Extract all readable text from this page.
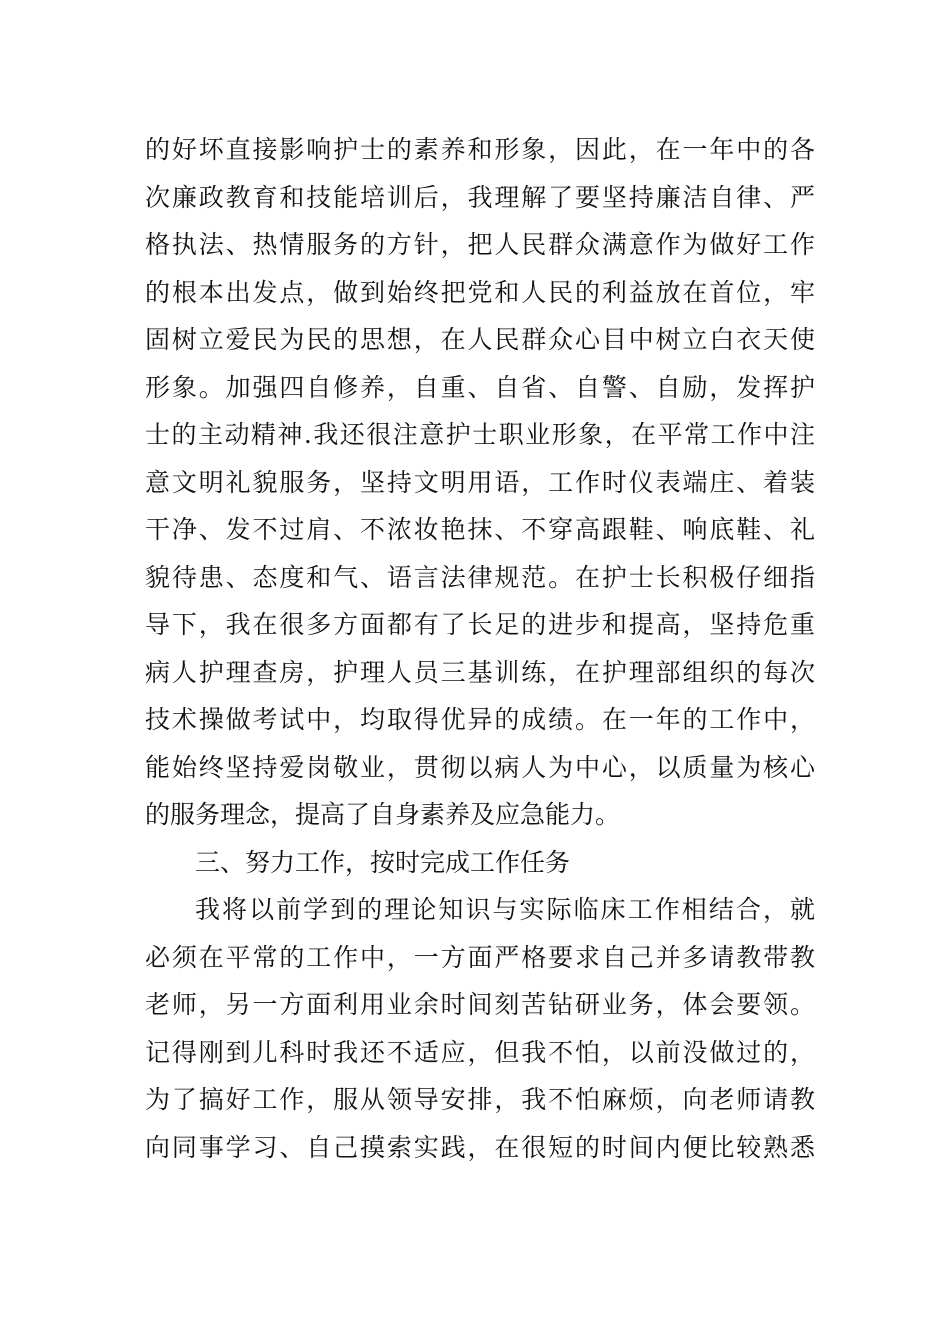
的好坏直接影响护士的素养和形象，因此，在一年中的各
次廉政教育和技能培训后，我理解了要坚持廉洁自律、严
格执法、热情服务的方针，把人民群众满意作为做好工作
的根本出发点，做到始终把党和人民的利益放在首位，牢
固树立爱民为民的思想，在人民群众心目中树立白衣天使
形象。加强四自修养，自重、自省、自警、自励，发挥护
士的主动精神.我还很注意护士职业形象，在平常工作中注
意文明礼貌服务，坚持文明用语，工作时仪表端庄、着装
干净、发不过肩、不浓妆艳抹、不穿高跟鞋、响底鞋、礼
貌待患、态度和气、语言法律规范。在护士长积极仔细指
导下，我在很多方面都有了长足的进步和提高，坚持危重
病人护理查房，护理人员三基训练，在护理部组织的每次
技术操做考试中，均取得优异的成绩。在一年的工作中，
能始终坚持爱岗敬业，贯彻以病人为中心，以质量为核心
的服务理念，提高了自身素养及应急能力。
三、努力工作，按时完成工作任务
我将以前学到的理论知识与实际临床工作相结合，就
必须在平常的工作中，一方面严格要求自己并多请教带教
老师，另一方面利用业余时间刻苦钻研业务，体会要领。
记得刚到儿科时我还不适应，但我不怕，以前没做过的，
为了搞好工作，服从领导安排，我不怕麻烦，向老师请教
向同事学习、自己摸索实践，在很短的时间内便比较熟悉
